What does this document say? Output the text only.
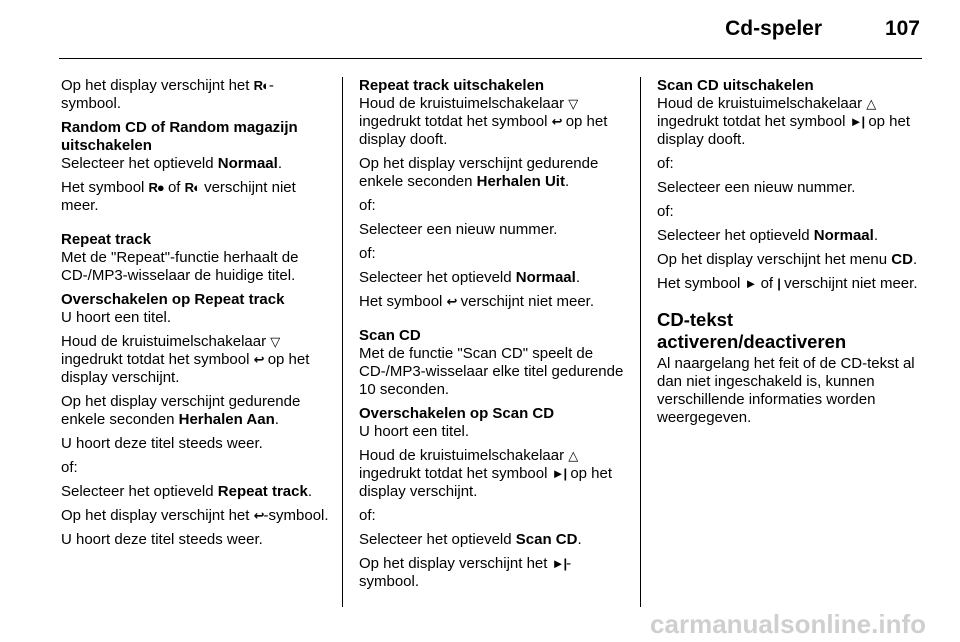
Cd-speler	107

Op het display verschijnt het R◐-symbool.

Random CD of Random magazijn uitschakelen

Selecteer het optieveld Normaal.

Het symbool R● of R◐ verschijnt niet meer.

Repeat track

Met de "Repeat"-functie herhaalt de CD-/MP3-wisselaar de huidige titel.

Overschakelen op Repeat track

U hoort een titel.

Houd de kruistuimelschakelaar ▽ ingedrukt totdat het symbool ↩ op het display verschijnt.

Op het display verschijnt gedurende enkele seconden Herhalen Aan.

U hoort deze titel steeds weer.

of:

Selecteer het optieveld Repeat track.

Op het display verschijnt het ↩-symbool.

U hoort deze titel steeds weer.

Repeat track uitschakelen

Houd de kruistuimelschakelaar ▽ ingedrukt totdat het symbool ↩ op het display dooft.

Op het display verschijnt gedurende enkele seconden Herhalen Uit.

of:

Selecteer een nieuw nummer.

of:

Selecteer het optieveld Normaal.

Het symbool ↩ verschijnt niet meer.

Scan CD

Met de functie "Scan CD" speelt de CD-/MP3-wisselaar elke titel gedurende 10 seconden.

Overschakelen op Scan CD

U hoort een titel.

Houd de kruistuimelschakelaar △ ingedrukt totdat het symbool ►| op het display verschijnt.

of:

Selecteer het optieveld Scan CD.

Op het display verschijnt het ►|-symbool.

Scan CD uitschakelen

Houd de kruistuimelschakelaar △ ingedrukt totdat het symbool ►| op het display dooft.

of:

Selecteer een nieuw nummer.

of:

Selecteer het optieveld Normaal.

Op het display verschijnt het menu CD.

Het symbool ► of | verschijnt niet meer.

CD-tekst activeren/deactiveren

Al naargelang het feit of de CD-tekst al dan niet ingeschakeld is, kunnen verschillende informaties worden weergegeven.

carmanualsonline.info
